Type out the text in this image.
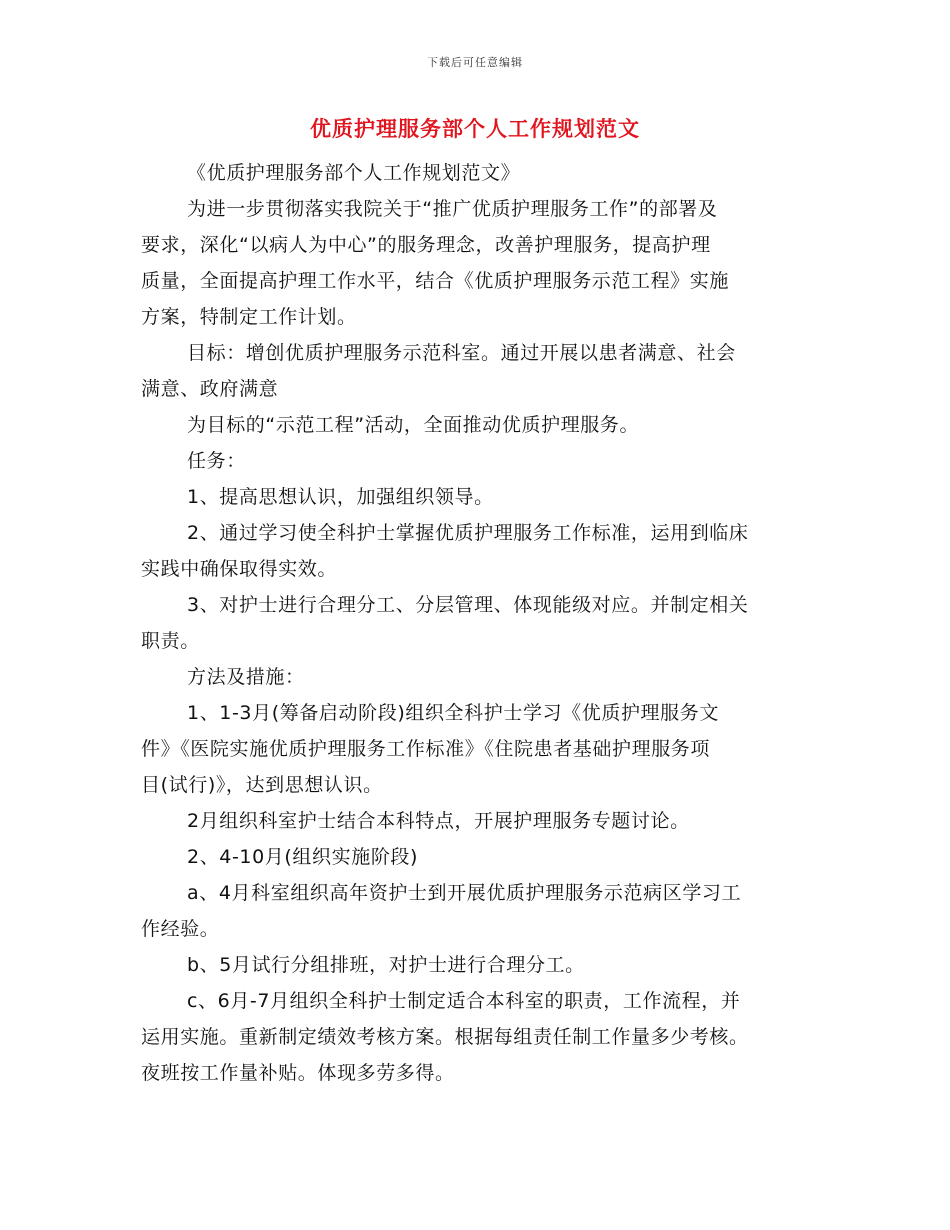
下载后可任意编辑
优质护理服务部个人工作规划范文

《优质护理服务部个人工作规划范文》

为进一步贯彻落实我院关于“推广优质护理服务工作”的部署及
要求，深化“以病人为中心”的服务理念，改善护理服务，提高护理
质量，全面提高护理工作水平，结合《优质护理服务示范工程》实施
方案，特制定工作计划。

目标：增创优质护理服务示范科室。通过开展以患者满意、社会
满意、政府满意

为目标的“示范工程”活动，全面推动优质护理服务。

任务：

1、提高思想认识，加强组织领导。

2、通过学习使全科护士掌握优质护理服务工作标准，运用到临床
实践中确保取得实效。

3、对护士进行合理分工、分层管理、体现能级对应。并制定相关
职责。

方法及措施：

1、1-3月(筹备启动阶段)组织全科护士学习《优质护理服务文
件》《医院实施优质护理服务工作标准》《住院患者基础护理服务项
目(试行)》，达到思想认识。

2月组织科室护士结合本科特点，开展护理服务专题讨论。

2、4-10月(组织实施阶段)

a、4月科室组织高年资护士到开展优质护理服务示范病区学习工
作经验。

b、5月试行分组排班，对护士进行合理分工。

c、6月-7月组织全科护士制定适合本科室的职责，工作流程，并
运用实施。重新制定绩效考核方案。根据每组责任制工作量多少考核。
夜班按工作量补贴。体现多劳多得。
